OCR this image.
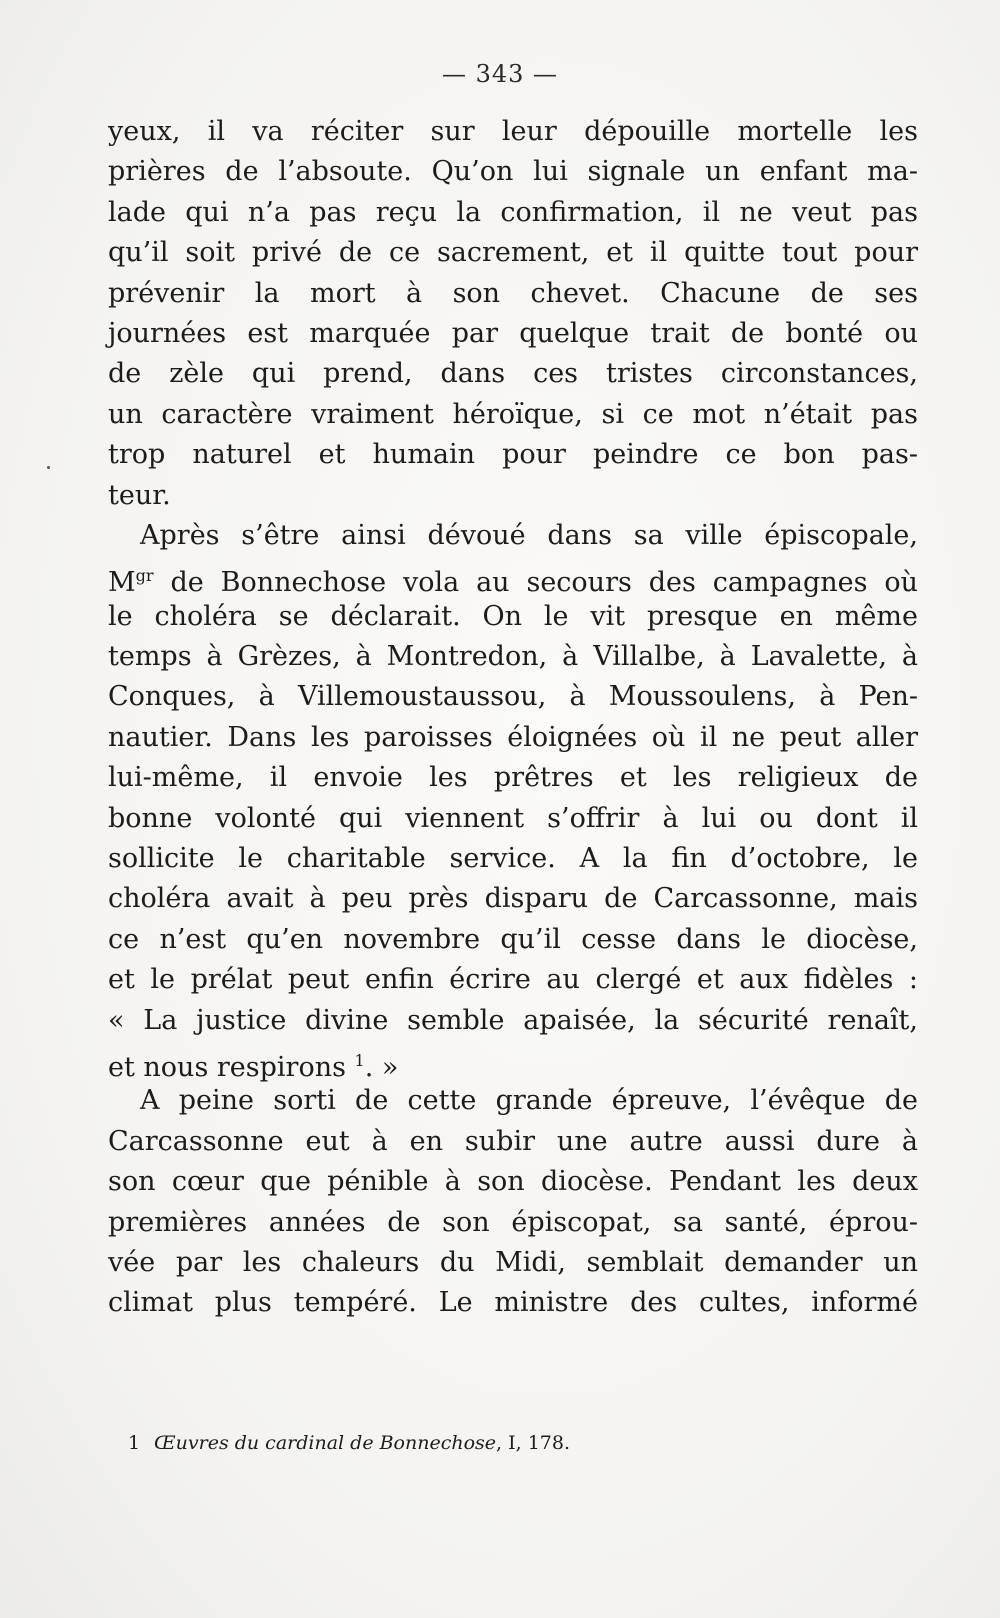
— 343 —
yeux, il va réciter sur leur dépouille mortelle les
prières de l’absoute. Qu’on lui signale un enfant ma-
lade qui n’a pas reçu la confirmation, il ne veut pas
qu’il soit privé de ce sacrement, et il quitte tout pour
prévenir la mort à son chevet. Chacune de ses
journées est marquée par quelque trait de bonté ou
de zèle qui prend, dans ces tristes circonstances,
un caractère vraiment héroïque, si ce mot n’était pas
trop naturel et humain pour peindre ce bon pas-
teur.
Après s’être ainsi dévoué dans sa ville épiscopale,
$M^{gr}$ de Bonnechose vola au secours des campagnes où
le choléra se déclarait. On le vit presque en même
temps à Grèzes, à Montredon, à Villalbe, à Lavalette, à
Conques, à Villemoustaussou, à Moussoulens, à Pen-
nautier. Dans les paroisses éloignées où il ne peut aller
lui-même, il envoie les prêtres et les religieux de
bonne volonté qui viennent s’offrir à lui ou dont il
sollicite le charitable service. A la fin d’octobre, le
choléra avait à peu près disparu de Carcassonne, mais
ce n’est qu’en novembre qu’il cesse dans le diocèse,
et le prélat peut enfin écrire au clergé et aux fidèles :
« La justice divine semble apaisée, la sécurité renaît,
et nous respirons $^1$. »
A peine sorti de cette grande épreuve, l’évêque de
Carcassonne eut à en subir une autre aussi dure à
son cœur que pénible à son diocèse. Pendant les deux
premières années de son épiscopat, sa santé, éprou-
vée par les chaleurs du Midi, semblait demander un
climat plus tempéré. Le ministre des cultes, informé
1 Œuvres du cardinal de Bonnechose, I, 178.
